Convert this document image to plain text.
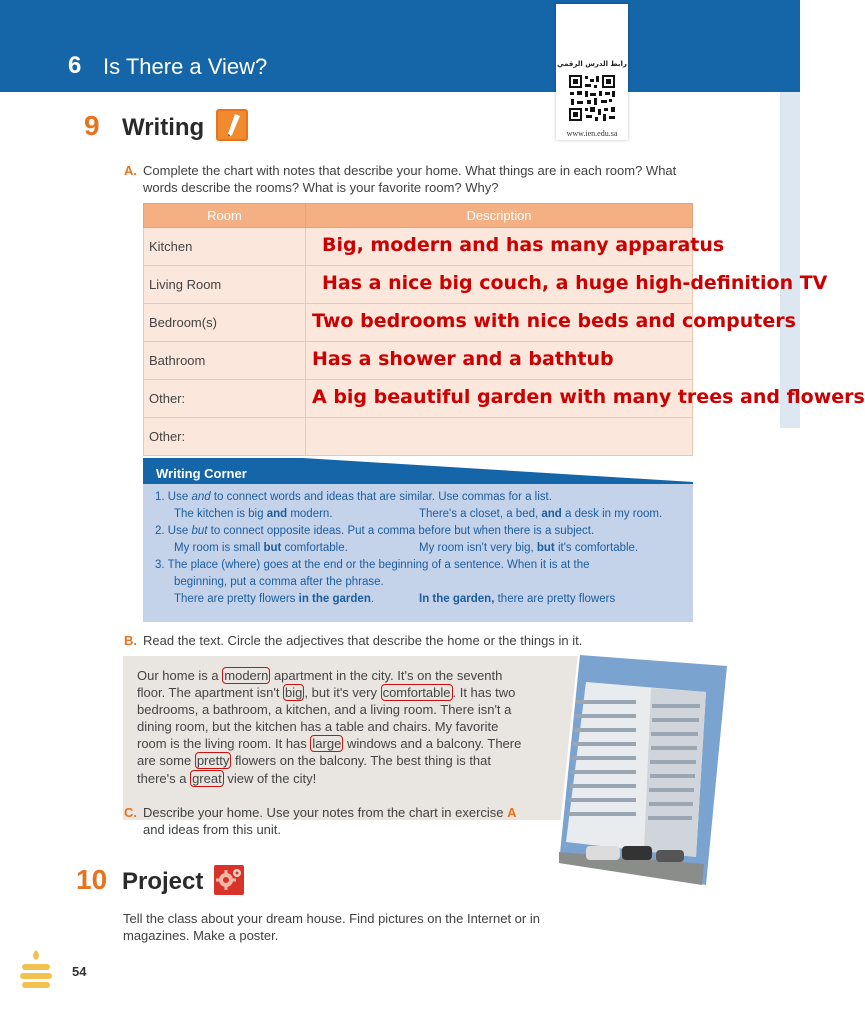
6 Is There a View?	رابط الدرس الرقمي
www.ien.edu.sa
9 Writing
A. Complete the chart with notes that describe your home. What things are in each room? What
words describe the rooms? What is your favorite room? Why?
Room	Description
Kitchen	Big, modern and has many apparatus

Living Room	Has a nice big couch, a huge high-definition TV

Bedroom(s)	Two bedrooms with nice beds and computers

Bathroom	Has a shower and a bathtub

Other:	A big beautiful garden with many trees and flowers

Other:	
Writing Corner
1. Use and to connect words and ideas that are similar. Use commas for a list.
The kitchen is big and modern.	There's a closet, a bed, and a desk in my room.
2. Use but to connect opposite ideas. Put a comma before but when there is a subject.
My room is small but comfortable.	My room isn't very big, but it's comfortable.
3. The place (where) goes at the end or the beginning of a sentence. When it is at the
beginning, put a comma after the phrase.
There are pretty flowers in the garden.	In the garden, there are pretty flowers
B. Read the text. Circle the adjectives that describe the home or the things in it.
Our home is a modern apartment in the city. It's on the seventh floor. The apartment isn't big , but it's very comfortable . It has two bedrooms, a bathroom, a kitchen, and a living room. There isn't a dining room, but the kitchen has a table and chairs. My favorite room is the living room. It has large windows and a balcony. There are some pretty flowers on the balcony. The best thing is that there's a great view of the city!
C. Describe your home. Use your notes from the chart in exercise A
and ideas from this unit.
10 Project
Tell the class about your dream house. Find pictures on the Internet or in
magazines. Make a poster.
54
